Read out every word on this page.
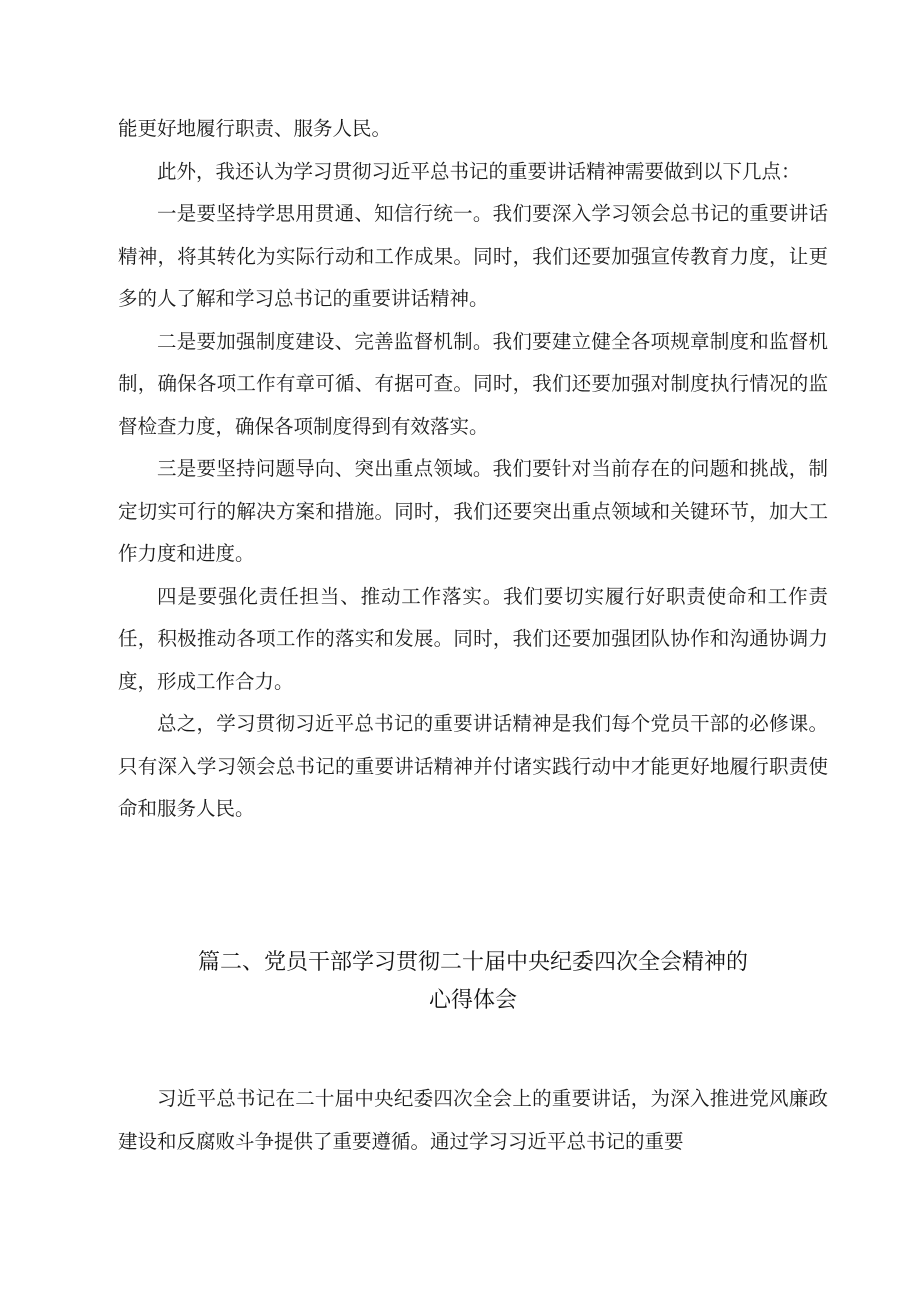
能更好地履行职责、服务人民。

此外，我还认为学习贯彻习近平总书记的重要讲话精神需要做到以下几点：

一是要坚持学思用贯通、知信行统一。我们要深入学习领会总书记的重要讲话精神，将其转化为实际行动和工作成果。同时，我们还要加强宣传教育力度，让更多的人了解和学习总书记的重要讲话精神。

二是要加强制度建设、完善监督机制。我们要建立健全各项规章制度和监督机制，确保各项工作有章可循、有据可查。同时，我们还要加强对制度执行情况的监督检查力度，确保各项制度得到有效落实。

三是要坚持问题导向、突出重点领域。我们要针对当前存在的问题和挑战，制定切实可行的解决方案和措施。同时，我们还要突出重点领域和关键环节，加大工作力度和进度。

四是要强化责任担当、推动工作落实。我们要切实履行好职责使命和工作责任，积极推动各项工作的落实和发展。同时，我们还要加强团队协作和沟通协调力度，形成工作合力。

总之，学习贯彻习近平总书记的重要讲话精神是我们每个党员干部的必修课。只有深入学习领会总书记的重要讲话精神并付诸实践行动中才能更好地履行职责使命和服务人民。

篇二、党员干部学习贯彻二十届中央纪委四次全会精神的
心得体会

习近平总书记在二十届中央纪委四次全会上的重要讲话，为深入推进党风廉政建设和反腐败斗争提供了重要遵循。通过学习习近平总书记的重要
